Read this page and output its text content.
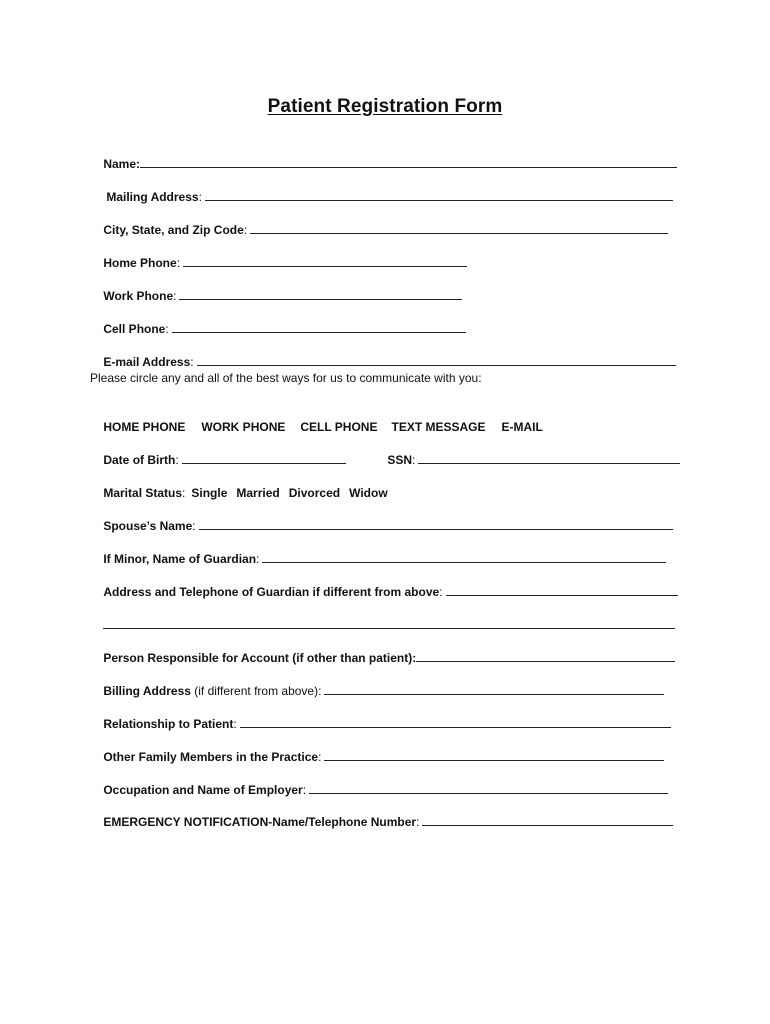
Patient Registration Form

Name:

Mailing Address:

City, State, and Zip Code:

Home Phone:

Work Phone:

Cell Phone:

E-mail Address:

Please circle any and all of the best ways for us to communicate with you:

HOME PHONE WORK PHONE CELL PHONE TEXT MESSAGE E-MAIL

Date of Birth:
	SSN:

Marital Status: Single Married Divorced Widow

Spouse’s Name:

If Minor, Name of Guardian:

Address and Telephone of Guardian if different from above:

Person Responsible for Account (if other than patient):

Billing Address (if different from above):

Relationship to Patient:

Other Family Members in the Practice:

Occupation and Name of Employer:

EMERGENCY NOTIFICATION-Name/Telephone Number:
